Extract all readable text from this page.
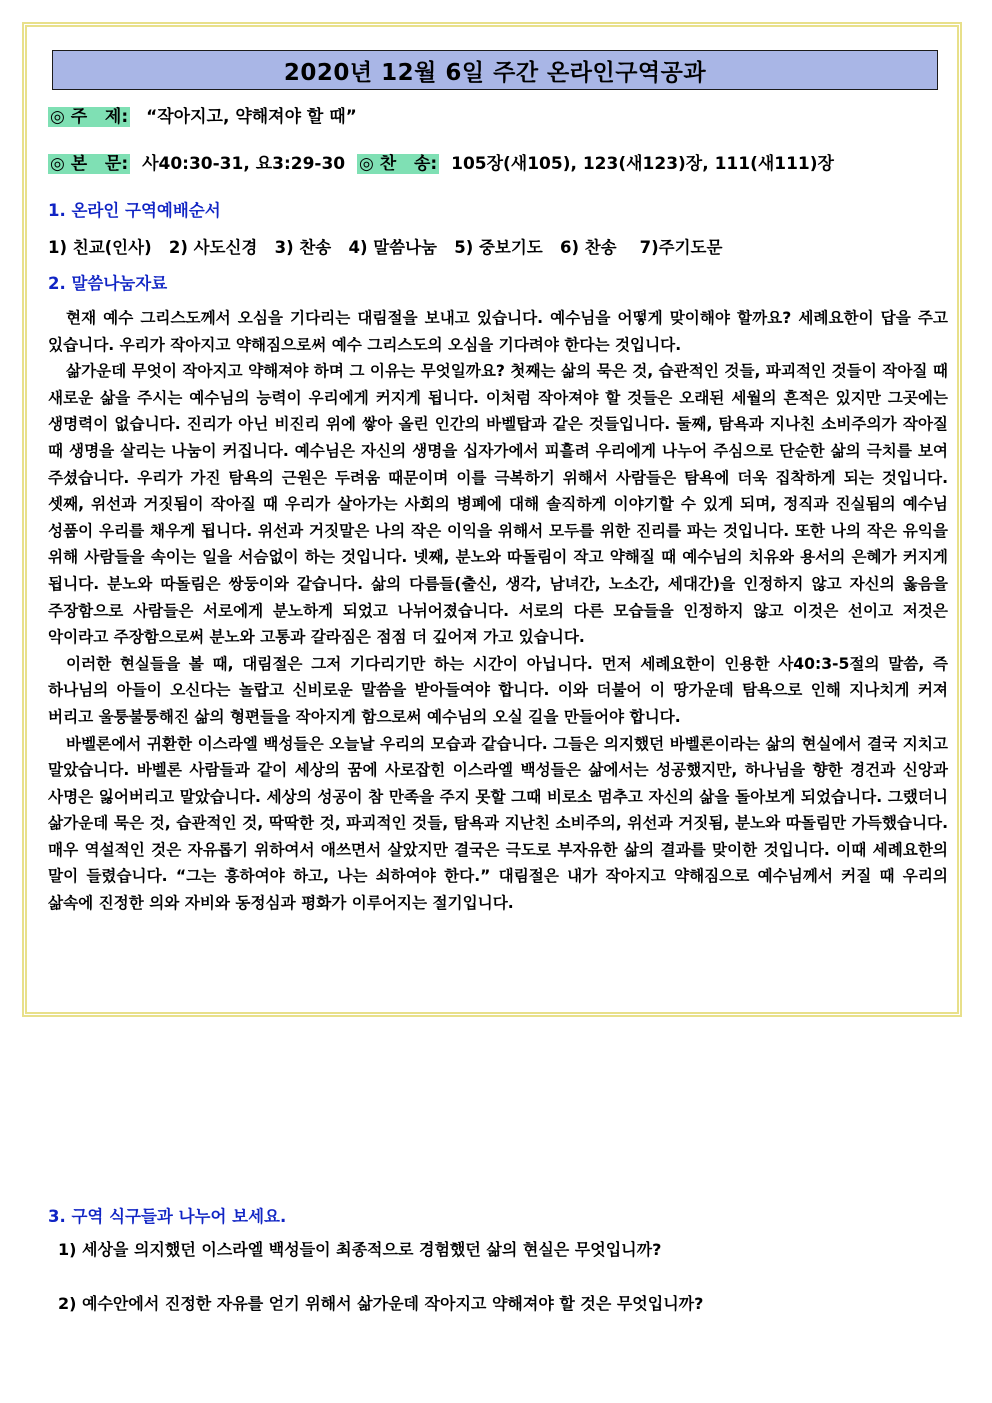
2020년 12월 6일 주간 온라인구역공과
◎ 주   제: “작아지고, 약해져야 할 때”
◎ 본   문: 사40:30-31, 요3:29-30 ◎ 찬   송: 105장(새105), 123(새123)장, 111(새111)장
1. 온라인 구역예배순서
1) 친교(인사)   2) 사도신경   3) 찬송   4) 말씀나눔   5) 중보기도   6) 찬송    7)주기도문
2. 말씀나눔자료

현재 예수 그리스도께서 오심을 기다리는 대림절을 보내고 있습니다. 예수님을 어떻게 맞이해야 할까요? 세례요한이 답을 주고 있습니다. 우리가 작아지고 약해짐으로써 예수 그리스도의 오심을 기다려야 한다는 것입니다.

삶가운데 무엇이 작아지고 약해져야 하며 그 이유는 무엇일까요? 첫째는 삶의 묵은 것, 습관적인 것들, 파괴적인 것들이 작아질 때 새로운 삶을 주시는 예수님의 능력이 우리에게 커지게 됩니다. 이처럼 작아져야 할 것들은 오래된 세월의 흔적은 있지만 그곳에는 생명력이 없습니다. 진리가 아닌 비진리 위에 쌓아 올린 인간의 바벨탑과 같은 것들입니다. 둘째, 탐욕과 지나친 소비주의가 작아질 때 생명을 살리는 나눔이 커집니다. 예수님은 자신의 생명을 십자가에서 피흘려 우리에게 나누어 주심으로 단순한 삶의 극치를 보여 주셨습니다. 우리가 가진 탐욕의 근원은 두려움 때문이며 이를 극복하기 위해서 사람들은 탐욕에 더욱 집착하게 되는 것입니다. 셋째, 위선과 거짓됨이 작아질 때 우리가 살아가는 사회의 병폐에 대해 솔직하게 이야기할 수 있게 되며, 정직과 진실됨의 예수님 성품이 우리를 채우게 됩니다. 위선과 거짓말은 나의 작은 이익을 위해서 모두를 위한 진리를 파는 것입니다. 또한 나의 작은 유익을 위해 사람들을 속이는 일을 서슴없이 하는 것입니다. 넷째, 분노와 따돌림이 작고 약해질 때 예수님의 치유와 용서의 은혜가 커지게 됩니다. 분노와 따돌림은 쌍둥이와 같습니다. 삶의 다름들(출신, 생각, 남녀간, 노소간, 세대간)을 인정하지 않고 자신의 옳음을 주장함으로 사람들은 서로에게 분노하게 되었고 나뉘어졌습니다. 서로의 다른 모습들을 인정하지 않고 이것은 선이고 저것은 악이라고 주장함으로써 분노와 고통과 갈라짐은 점점 더 깊어져 가고 있습니다.

이러한 현실들을 볼 때, 대림절은 그저 기다리기만 하는 시간이 아닙니다. 먼저 세례요한이 인용한 사40:3-5절의 말씀, 즉 하나님의 아들이 오신다는 놀랍고 신비로운 말씀을 받아들여야 합니다. 이와 더불어 이 땅가운데 탐욕으로 인해 지나치게 커져 버리고 울퉁불퉁해진 삶의 형편들을 작아지게 함으로써 예수님의 오실 길을 만들어야 합니다.

바벨론에서 귀환한 이스라엘 백성들은 오늘날 우리의 모습과 같습니다. 그들은 의지했던 바벨론이라는 삶의 현실에서 결국 지치고 말았습니다. 바벨론 사람들과 같이 세상의 꿈에 사로잡힌 이스라엘 백성들은 삶에서는 성공했지만, 하나님을 향한 경건과 신앙과 사명은 잃어버리고 말았습니다. 세상의 성공이 참 만족을 주지 못할 그때 비로소 멈추고 자신의 삶을 돌아보게 되었습니다. 그랬더니 삶가운데 묵은 것, 습관적인 것, 딱딱한 것, 파괴적인 것들, 탐욕과 지난친 소비주의, 위선과 거짓됨, 분노와 따돌림만 가득했습니다. 매우 역설적인 것은 자유롭기 위하여서 애쓰면서 살았지만 결국은 극도로 부자유한 삶의 결과를 맞이한 것입니다. 이때 세례요한의 말이 들렸습니다. “그는 흥하여야 하고, 나는 쇠하여야 한다.” 대림절은 내가 작아지고 약해짐으로 예수님께서 커질 때 우리의 삶속에 진정한 의와 자비와 동정심과 평화가 이루어지는 절기입니다.

3. 구역 식구들과 나누어 보세요.
1) 세상을 의지했던 이스라엘 백성들이 최종적으로 경험했던 삶의 현실은 무엇입니까?
2) 예수안에서 진정한 자유를 얻기 위해서 삶가운데 작아지고 약해져야 할 것은 무엇입니까?
